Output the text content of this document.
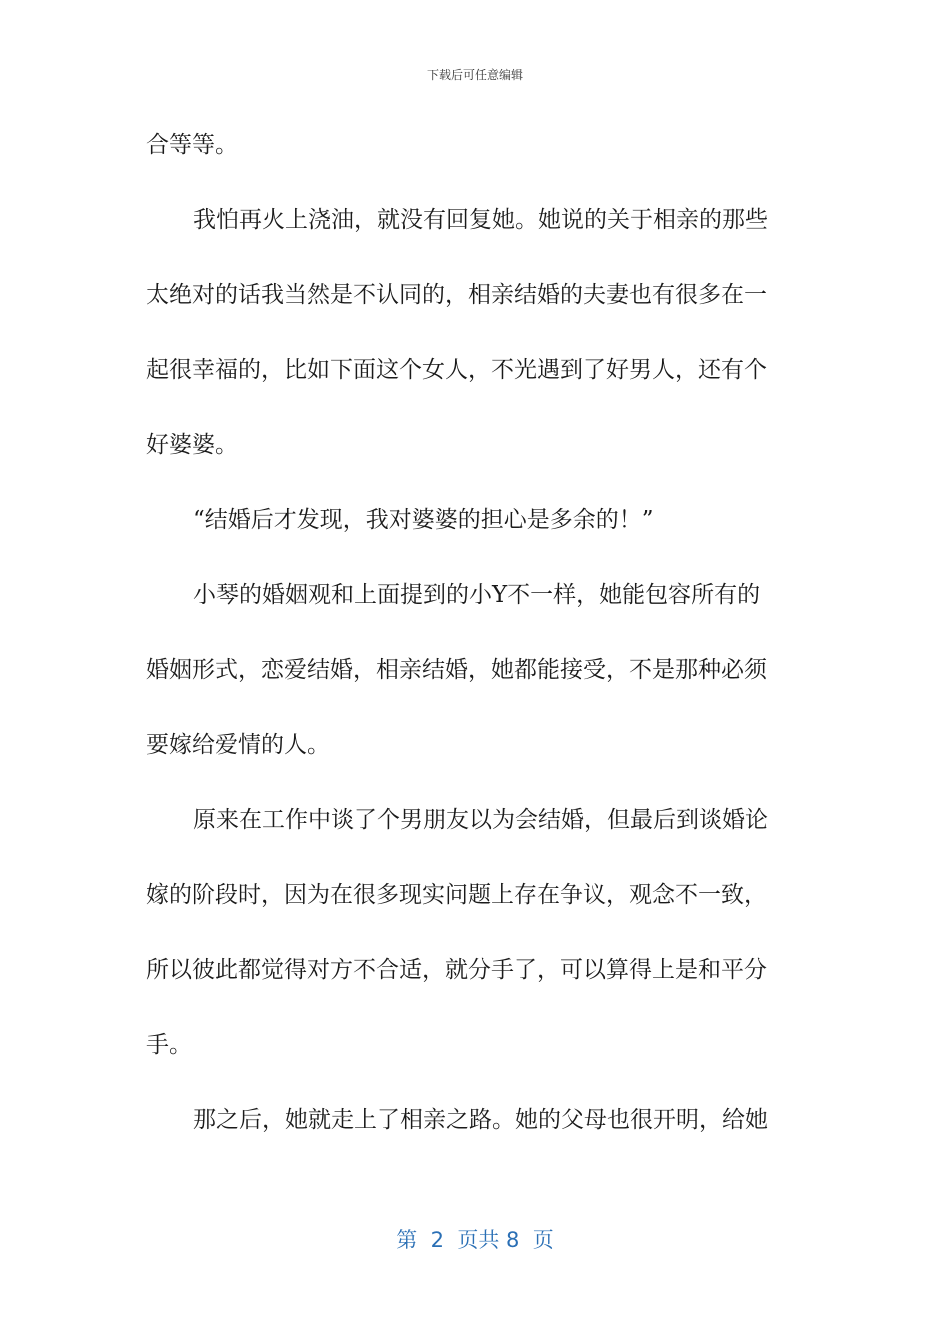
下载后可任意编辑

合等等。

我怕再火上浇油，就没有回复她。她说的关于相亲的那些

太绝对的话我当然是不认同的，相亲结婚的夫妻也有很多在一

起很幸福的，比如下面这个女人，不光遇到了好男人，还有个

好婆婆。

“结婚后才发现，我对婆婆的担心是多余的！”

小琴的婚姻观和上面提到的小Y不一样，她能包容所有的

婚姻形式，恋爱结婚，相亲结婚，她都能接受，不是那种必须

要嫁给爱情的人。

原来在工作中谈了个男朋友以为会结婚，但最后到谈婚论

嫁的阶段时，因为在很多现实问题上存在争议，观念不一致，

所以彼此都觉得对方不合适，就分手了，可以算得上是和平分

手。

那之后，她就走上了相亲之路。她的父母也很开明，给她

第  2  页共 8  页
